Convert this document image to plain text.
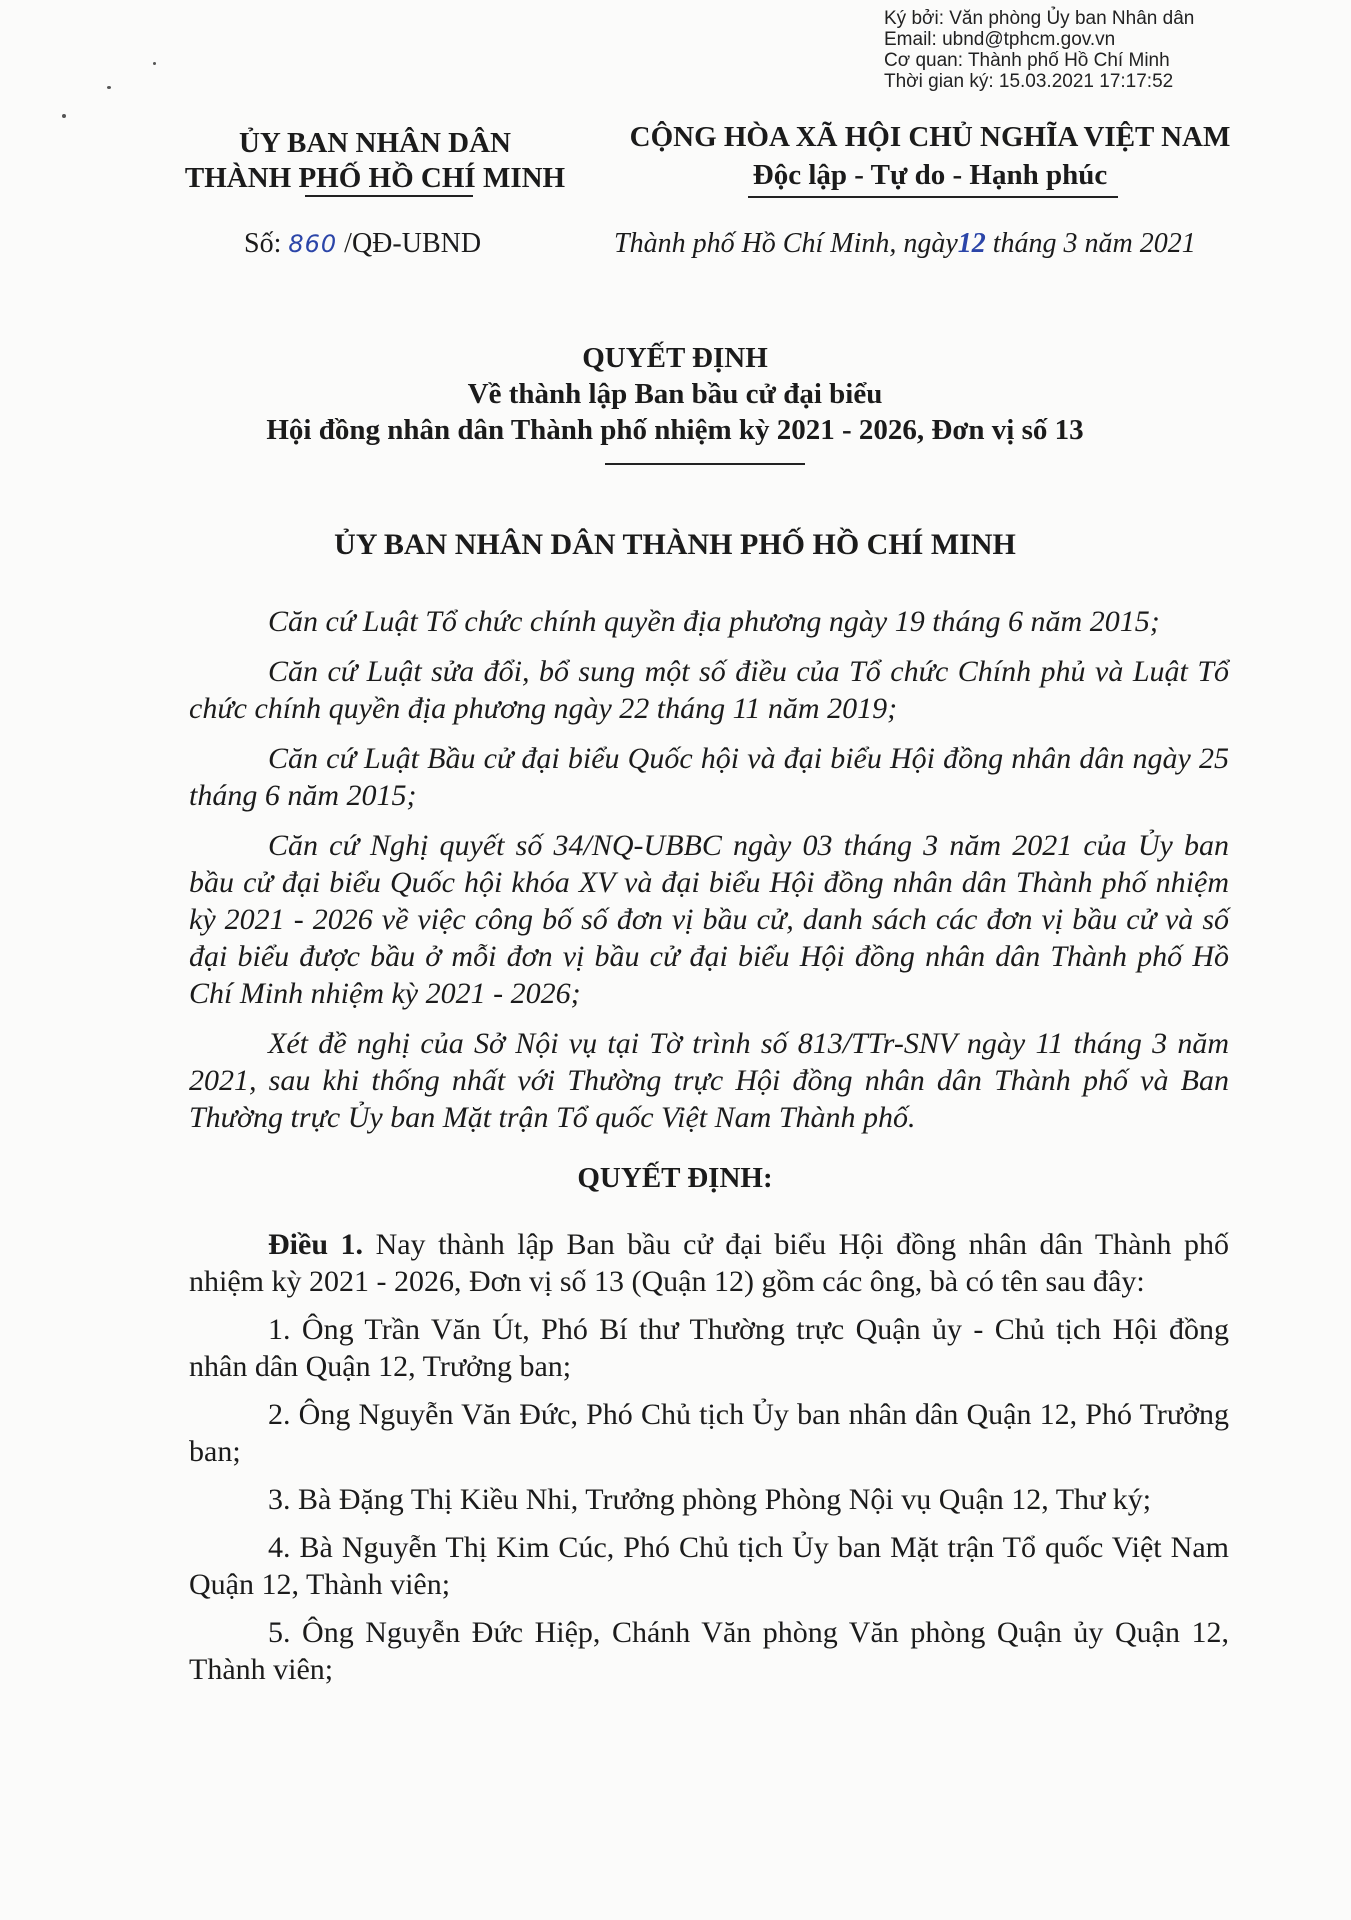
Ký bởi: Văn phòng Ủy ban Nhân dân
Email: ubnd@tphcm.gov.vn
Cơ quan: Thành phố Hồ Chí Minh
Thời gian ký: 15.03.2021 17:17:52
ỦY BAN NHÂN DÂN
THÀNH PHỐ HỒ CHÍ MINH
CỘNG HÒA XÃ HỘI CHỦ NGHĨA VIỆT NAM
Độc lập - Tự do - Hạnh phúc
Số: 860 /QĐ-UBND	Thành phố Hồ Chí Minh, ngày12 tháng 3 năm 2021
QUYẾT ĐỊNH
Về thành lập Ban bầu cử đại biểu
Hội đồng nhân dân Thành phố nhiệm kỳ 2021 - 2026, Đơn vị số 13
ỦY BAN NHÂN DÂN THÀNH PHỐ HỒ CHÍ MINH

Căn cứ Luật Tổ chức chính quyền địa phương ngày 19 tháng 6 năm 2015;

Căn cứ Luật sửa đổi, bổ sung một số điều của Tổ chức Chính phủ và Luật Tổ chức chính quyền địa phương ngày 22 tháng 11 năm 2019;

Căn cứ Luật Bầu cử đại biểu Quốc hội và đại biểu Hội đồng nhân dân ngày 25 tháng 6 năm 2015;

Căn cứ Nghị quyết số 34/NQ-UBBC ngày 03 tháng 3 năm 2021 của Ủy ban bầu cử đại biểu Quốc hội khóa XV và đại biểu Hội đồng nhân dân Thành phố nhiệm kỳ 2021 - 2026 về việc công bố số đơn vị bầu cử, danh sách các đơn vị bầu cử và số đại biểu được bầu ở mỗi đơn vị bầu cử đại biểu Hội đồng nhân dân Thành phố Hồ Chí Minh nhiệm kỳ 2021 - 2026;

Xét đề nghị của Sở Nội vụ tại Tờ trình số 813/TTr-SNV ngày 11 tháng 3 năm 2021, sau khi thống nhất với Thường trực Hội đồng nhân dân Thành phố và Ban Thường trực Ủy ban Mặt trận Tổ quốc Việt Nam Thành phố.

QUYẾT ĐỊNH:

Điều 1. Nay thành lập Ban bầu cử đại biểu Hội đồng nhân dân Thành phố nhiệm kỳ 2021 - 2026, Đơn vị số 13 (Quận 12) gồm các ông, bà có tên sau đây:

1. Ông Trần Văn Út, Phó Bí thư Thường trực Quận ủy - Chủ tịch Hội đồng nhân dân Quận 12, Trưởng ban;

2. Ông Nguyễn Văn Đức, Phó Chủ tịch Ủy ban nhân dân Quận 12, Phó Trưởng ban;

3. Bà Đặng Thị Kiều Nhi, Trưởng phòng Phòng Nội vụ Quận 12, Thư ký;

4. Bà Nguyễn Thị Kim Cúc, Phó Chủ tịch Ủy ban Mặt trận Tổ quốc Việt Nam Quận 12, Thành viên;

5. Ông Nguyễn Đức Hiệp, Chánh Văn phòng Văn phòng Quận ủy Quận 12, Thành viên;
